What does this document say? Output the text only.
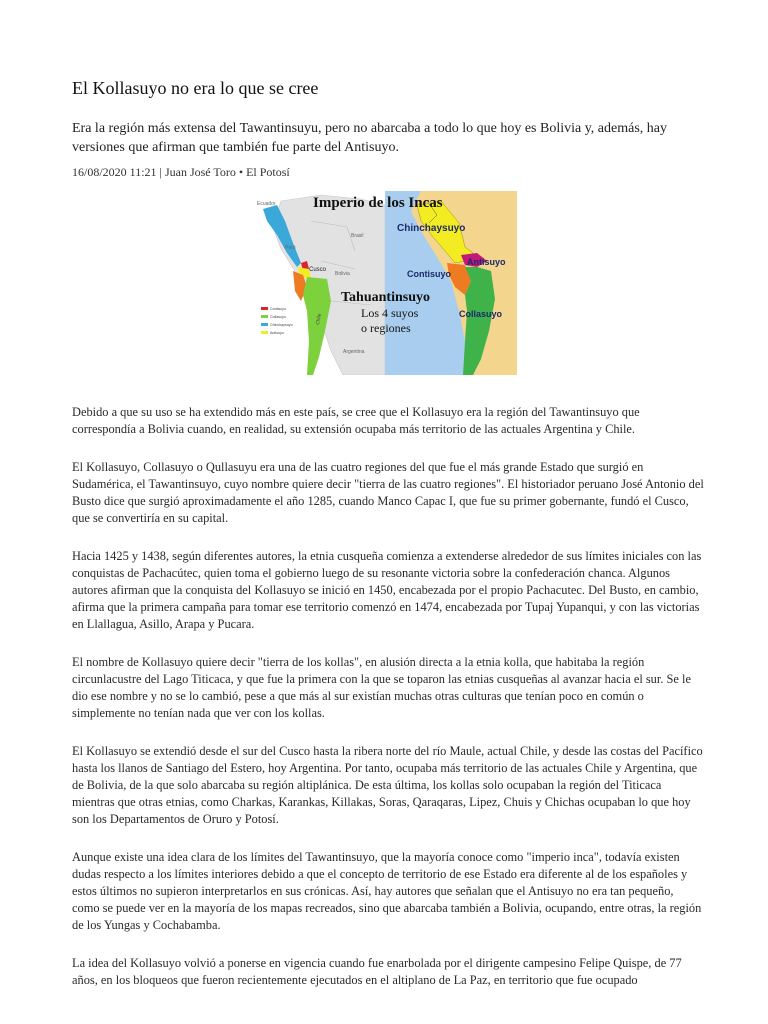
El Kollasuyo no era lo que se cree

Era la región más extensa del Tawantinsuyu, pero no abarcaba a todo lo que hoy es Bolivia y, además, hay versiones que afirman que también fue parte del Antisuyo.

16/08/2020 11:21 | Juan José Toro • El Potosí
Ecuador
Perú
Cusco
Bolivia
Chile
Argentina
Brasil
Contisuyo
Collasuyo
Chinchaysuyo
Antisuyo
Chinchaysuyo
Antisuyo
Contisuyo
Collasuyo
Imperio de los Incas
Tahuantinsuyo
Los 4 suyos
o regiones

Debido a que su uso se ha extendido más en este país, se cree que el Kollasuyo era la región del Tawantinsuyo que correspondía a Bolivia cuando, en realidad, su extensión ocupaba más territorio de las actuales Argentina y Chile.

El Kollasuyo, Collasuyo o Qullasuyu era una de las cuatro regiones del que fue el más grande Estado que surgió en Sudamérica, el Tawantinsuyo, cuyo nombre quiere decir "tierra de las cuatro regiones". El historiador peruano José Antonio del Busto dice que surgió aproximadamente el año 1285, cuando Manco Capac I, que fue su primer gobernante, fundó el Cusco, que se convertiría en su capital.

Hacia 1425 y 1438, según diferentes autores, la etnia cusqueña comienza a extenderse alrededor de sus límites iniciales con las conquistas de Pachacútec, quien toma el gobierno luego de su resonante victoria sobre la confederación chanca. Algunos autores afirman que la conquista del Kollasuyo se inició en 1450, encabezada por el propio Pachacutec. Del Busto, en cambio, afirma que la primera campaña para tomar ese territorio comenzó en 1474, encabezada por Tupaj Yupanqui, y con las victorias en Llallagua, Asillo, Arapa y Pucara.

El nombre de Kollasuyo quiere decir "tierra de los kollas", en alusión directa a la etnia kolla, que habitaba la región circunlacustre del Lago Titicaca, y que fue la primera con la que se toparon las etnias cusqueñas al avanzar hacia el sur. Se le dio ese nombre y no se lo cambió, pese a que más al sur existían muchas otras culturas que tenían poco en común o simplemente no tenían nada que ver con los kollas.

El Kollasuyo se extendió desde el sur del Cusco hasta la ribera norte del río Maule, actual Chile, y desde las costas del Pacífico hasta los llanos de Santiago del Estero, hoy Argentina. Por tanto, ocupaba más territorio de las actuales Chile y Argentina, que de Bolivia, de la que solo abarcaba su región altiplánica. De esta última, los kollas solo ocupaban la región del Titicaca mientras que otras etnias, como Charkas, Karankas, Killakas, Soras, Qaraqaras, Lipez, Chuis y Chichas ocupaban lo que hoy son los Departamentos de Oruro y Potosí.

Aunque existe una idea clara de los límites del Tawantinsuyo, que la mayoría conoce como "imperio inca", todavía existen dudas respecto a los límites interiores debido a que el concepto de territorio de ese Estado era diferente al de los españoles y estos últimos no supieron interpretarlos en sus crónicas. Así, hay autores que señalan que el Antisuyo no era tan pequeño, como se puede ver en la mayoría de los mapas recreados, sino que abarcaba también a Bolivia, ocupando, entre otras, la región de los Yungas y Cochabamba.

La idea del Kollasuyo volvió a ponerse en vigencia cuando fue enarbolada por el dirigente campesino Felipe Quispe, de 77 años, en los bloqueos que fueron recientemente ejecutados en el altiplano de La Paz, en territorio que fue ocupado
